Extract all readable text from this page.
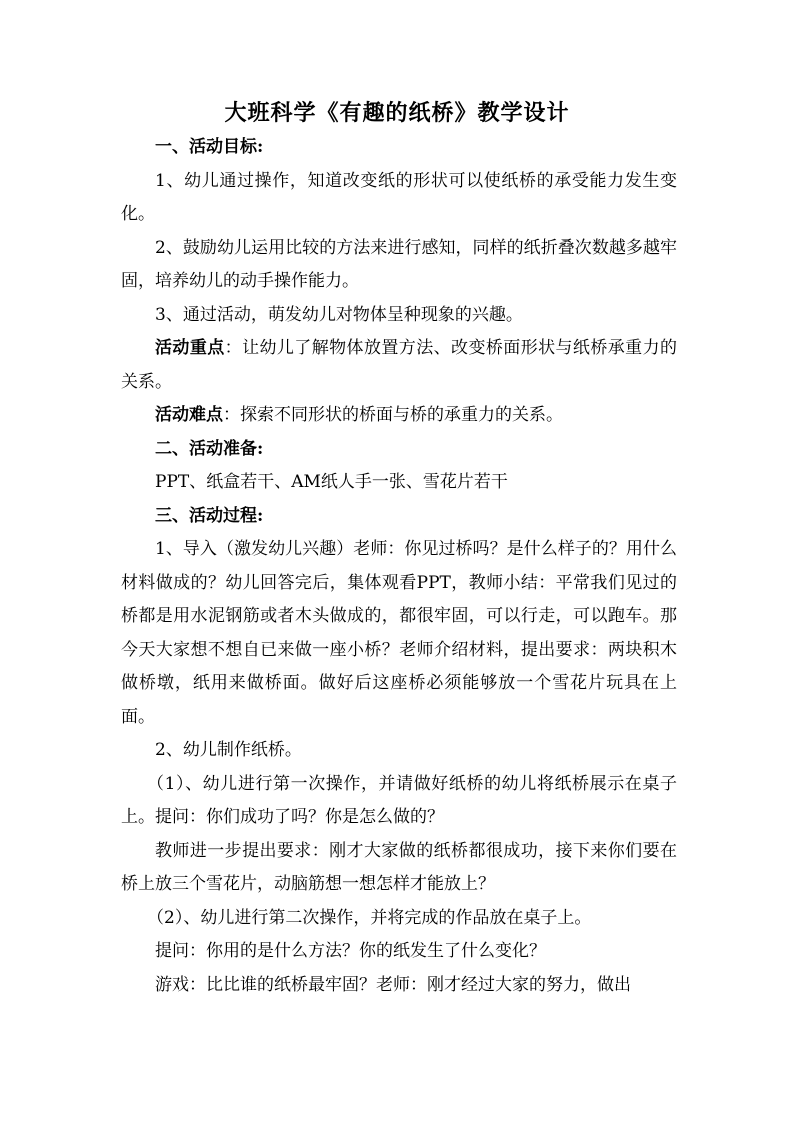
大班科学《有趣的纸桥》教学设计

一、活动目标:

1、幼儿通过操作，知道改变纸的形状可以使纸桥的承受能力发生变化。

2、鼓励幼儿运用比较的方法来进行感知，同样的纸折叠次数越多越牢固，培养幼儿的动手操作能力。

3、通过活动，萌发幼儿对物体呈种现象的兴趣。

活动重点：让幼儿了解物体放置方法、改变桥面形状与纸桥承重力的关系。

活动难点：探索不同形状的桥面与桥的承重力的关系。

二、活动准备:

PPT、纸盒若干、AM纸人手一张、雪花片若干

三、活动过程:

1、导入（激发幼儿兴趣）老师：你见过桥吗？是什么样子的？用什么材料做成的？幼儿回答完后，集体观看PPT，教师小结：平常我们见过的桥都是用水泥钢筋或者木头做成的，都很牢固，可以行走，可以跑车。那今天大家想不想自已来做一座小桥？老师介绍材料，提出要求：两块积木做桥墩，纸用来做桥面。做好后这座桥必须能够放一个雪花片玩具在上面。

2、幼儿制作纸桥。

（1）、幼儿进行第一次操作，并请做好纸桥的幼儿将纸桥展示在桌子上。提问：你们成功了吗？你是怎么做的？

教师进一步提出要求：刚才大家做的纸桥都很成功，接下来你们要在桥上放三个雪花片，动脑筋想一想怎样才能放上？

（2）、幼儿进行第二次操作，并将完成的作品放在桌子上。

提问：你用的是什么方法？你的纸发生了什么变化？

游戏：比比谁的纸桥最牢固？老师：刚才经过大家的努力，做出
